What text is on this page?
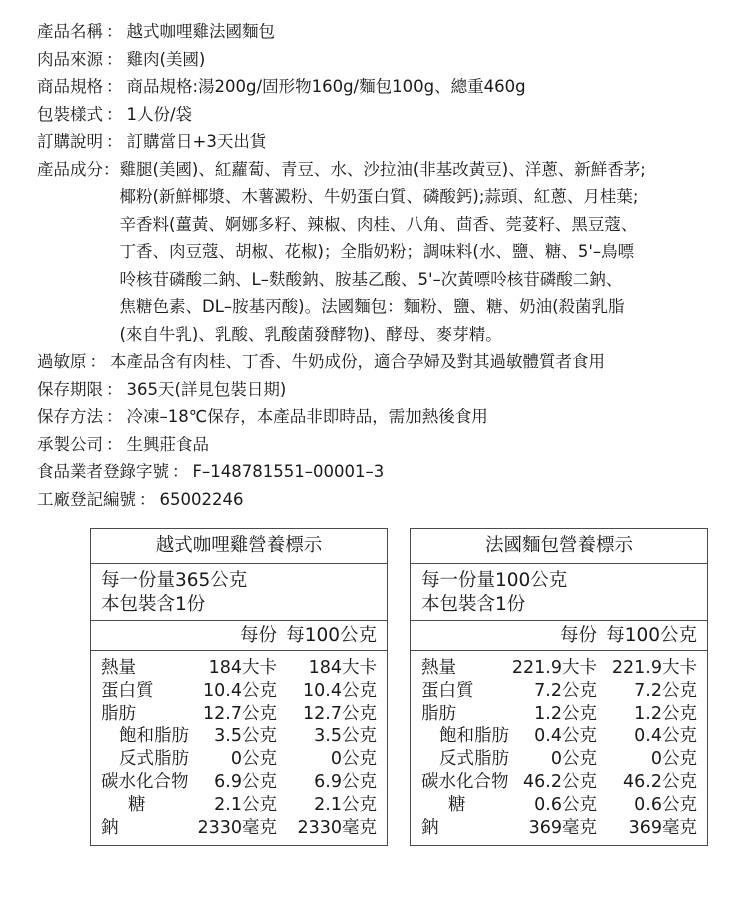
產品名稱 ： 越式咖哩雞法國麵包
肉品來源 ： 雞肉(美國)
商品規格 ： 商品規格:湯200g/固形物160g/麵包100g、總重460g
包裝樣式 ： 1人份/袋
訂購說明 ： 訂購當日+3天出貨
產品成分 ： 雞腿(美國)、紅蘿蔔、青豆、水、沙拉油(非基改黃豆)、洋蔥、新鮮香茅;
椰粉(新鮮椰漿、木薯澱粉、牛奶蛋白質、磷酸鈣);蒜頭、紅蔥、月桂葉;
辛香料(薑黃、婀娜多籽、辣椒、肉桂、八角、茴香、莞荽籽、黑豆蔻、
丁香、肉豆蔻、胡椒、花椒)；全脂奶粉；調味料(水、鹽、糖、5'–鳥嘌
呤核苷磷酸二鈉、L–麩酸鈉、胺基乙酸、5'–次黃嘌呤核苷磷酸二鈉、
焦糖色素、DL–胺基丙酸)。法國麵包：麵粉、鹽、糖、奶油(殺菌乳脂
(來自牛乳)、乳酸、乳酸菌發酵物)、酵母、麥芽精。
過敏原 ： 本產品含有肉桂、丁香、牛奶成份，適合孕婦及對其過敏體質者食用
保存期限 ： 365天(詳見包裝日期)
保存方法 ： 冷凍–18℃保存，本產品非即時品，需加熱後食用
承製公司 ： 生興莊食品
食品業者登錄字號 ： F–148781551–00001–3
工廠登記編號 ： 65002246
越式咖哩雞營養標示
每一份量365公克
本包裝含1份
每份 每100公克
熱量	184大卡 184大卡
蛋白質	10.4公克 10.4公克
脂肪	12.7公克 12.7公克
飽和脂肪 3.5公克 3.5公克
反式脂肪 0公克	0公克
碳水化合物 6.9公克 6.9公克
糖	2.1公克 2.1公克
鈉	2330毫克 2330毫克
法國麵包營養標示
每一份量100公克
本包裝含1份
每份 每100公克
熱量	221.9大卡 221.9大卡
蛋白質	7.2公克 7.2公克
脂肪	1.2公克 1.2公克
飽和脂肪 0.4公克 0.4公克
反式脂肪 0公克	0公克
碳水化合物 46.2公克 46.2公克
糖	0.6公克 0.6公克
鈉	369毫克 369毫克
